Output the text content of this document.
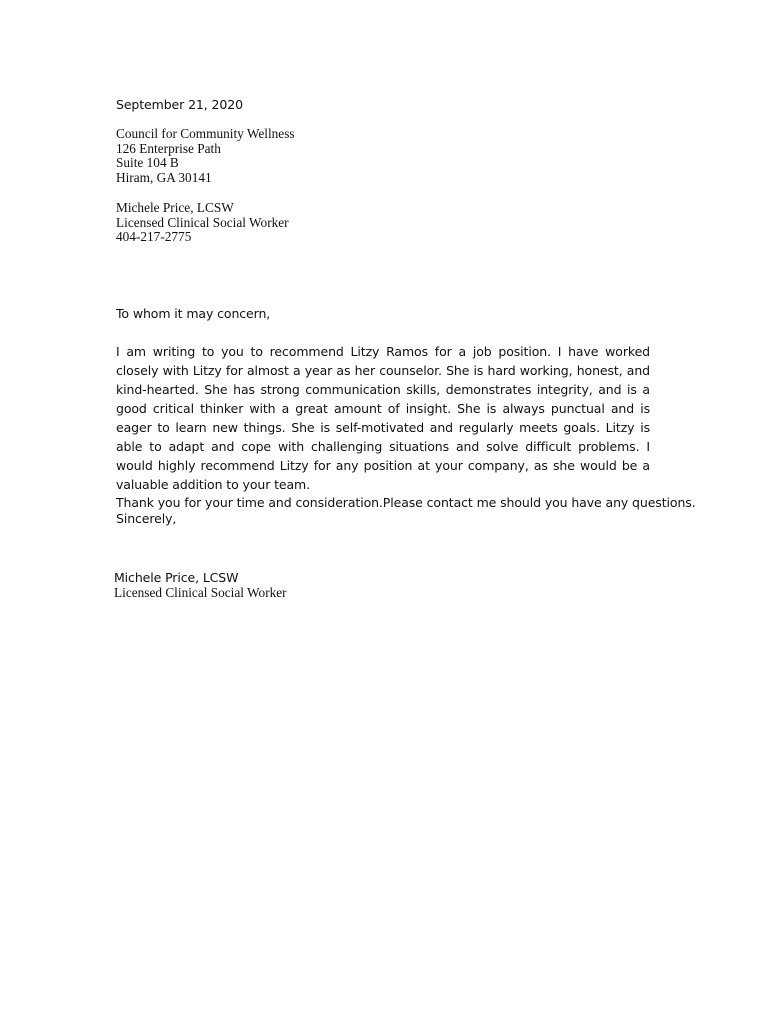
September 21, 2020
Council for Community Wellness
126 Enterprise Path
Suite 104 B
Hiram, GA 30141
Michele Price, LCSW
Licensed Clinical Social Worker
404-217-2775
To whom it may concern,

I am writing to you to recommend Litzy Ramos for a job position. I have worked closely with Litzy for almost a year as her counselor. She is hard working, honest, and kind-hearted. She has strong communication skills, demonstrates integrity, and is a good critical thinker with a great amount of insight. She is always punctual and is eager to learn new things. She is self-motivated and regularly meets goals. Litzy is able to adapt and cope with challenging situations and solve difficult problems. I would highly recommend Litzy for any position at your company, as she would be a valuable addition to your team.

Thank you for your time and consideration.Please contact me should you have any questions.
Sincerely,
Michele Price, LCSW
Licensed Clinical Social Worker
